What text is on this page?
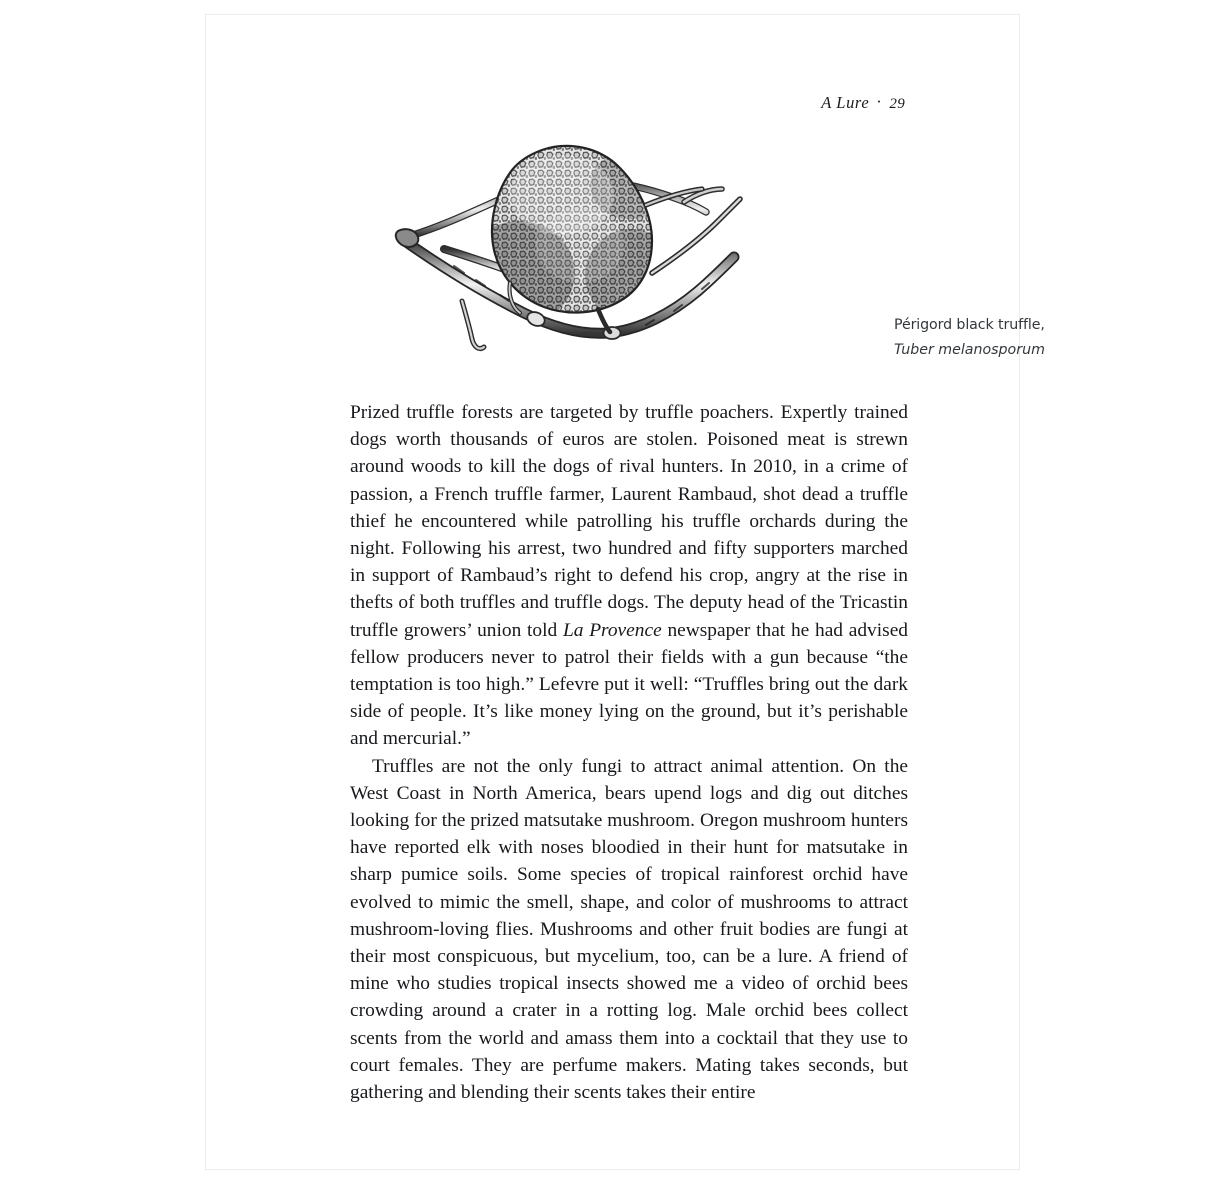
A Lure · 29
Périgord black truffle,
Tuber melanosporum

Prized truffle forests are targeted by truffle poachers. Expertly trained dogs worth thousands of euros are stolen. Poisoned meat is strewn around woods to kill the dogs of rival hunters. In 2010, in a crime of passion, a French truffle farmer, Laurent Rambaud, shot dead a truffle thief he encountered while patrolling his truffle orchards during the night. Following his arrest, two hundred and fifty supporters marched in support of Rambaud’s right to defend his crop, angry at the rise in thefts of both truffles and truffle dogs. The deputy head of the Tricastin truffle growers’ union told La Provence newspaper that he had advised fellow producers never to patrol their fields with a gun because “the temptation is too high.” Lefevre put it well: “Truffles bring out the dark side of people. It’s like money lying on the ground, but it’s perishable and mercurial.”

Truffles are not the only fungi to attract animal attention. On the West Coast in North America, bears upend logs and dig out ditches looking for the prized matsutake mushroom. Oregon mushroom hunters have reported elk with noses bloodied in their hunt for matsutake in sharp pumice soils. Some species of tropical rainforest orchid have evolved to mimic the smell, shape, and color of mushrooms to attract mushroom-loving flies. Mushrooms and other fruit bodies are fungi at their most conspicuous, but mycelium, too, can be a lure. A friend of mine who studies tropical insects showed me a video of orchid bees crowding around a crater in a rotting log. Male orchid bees collect scents from the world and amass them into a cocktail that they use to court females. They are perfume makers. Mating takes seconds, but gathering and blending their scents takes their entire
